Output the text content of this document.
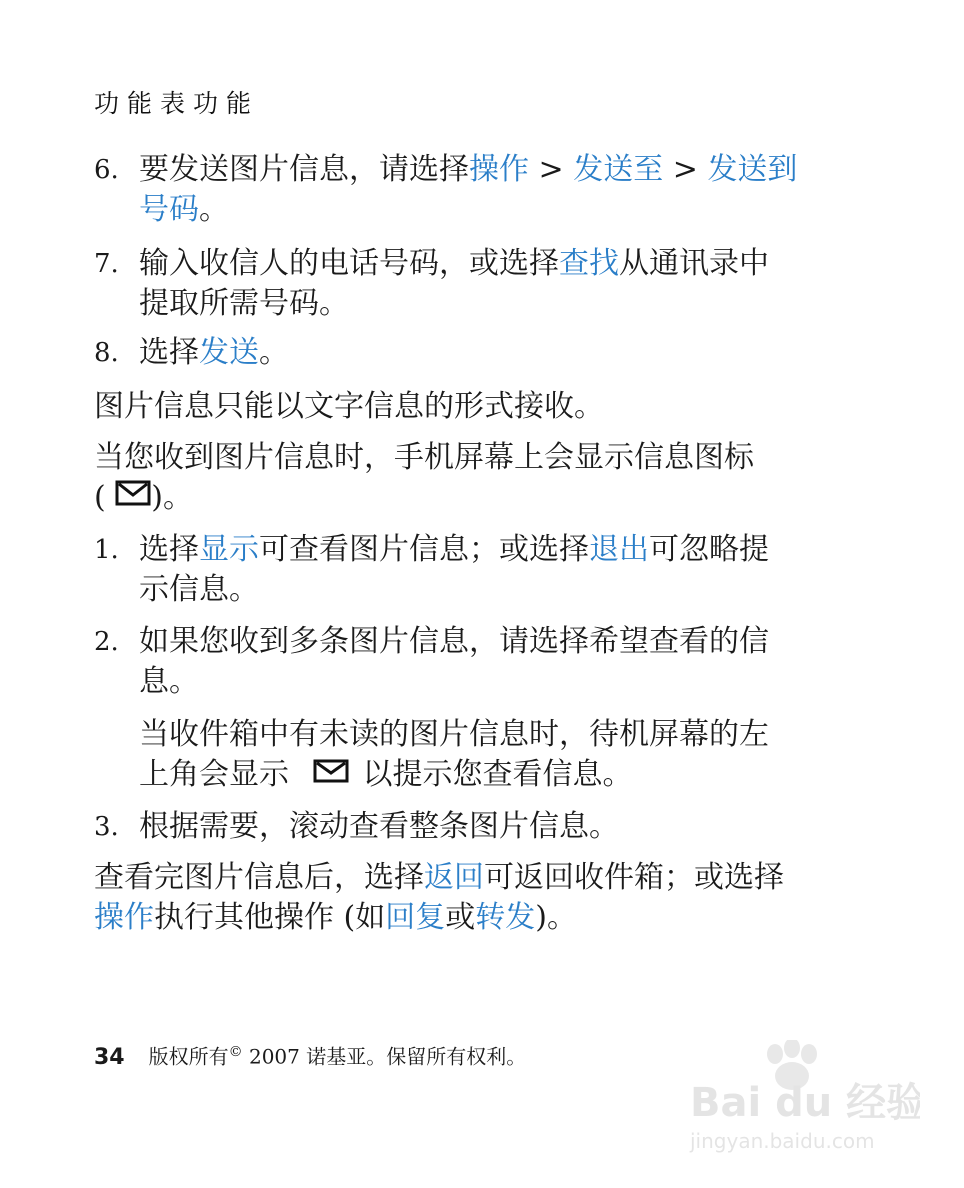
功能表功能
6. 要发送图片信息，请选择操作 > 发送至 > 发送到
号码。
7. 输入收信人的电话号码，或选择查找从通讯录中
提取所需号码。
8. 选择发送。
图片信息只能以文字信息的形式接收。
当您收到图片信息时，手机屏幕上会显示信息图标
( )。
1. 选择显示可查看图片信息；或选择退出可忽略提
示信息。
2. 如果您收到多条图片信息，请选择希望查看的信
息。
当收件箱中有未读的图片信息时，待机屏幕的左
上角会显示 以提示您查看信息。
3. 根据需要，滚动查看整条图片信息。
查看完图片信息后，选择返回可返回收件箱；或选择
操作执行其他操作 (如回复或转发)。
34 版权所有© 2007 诺基亚。保留所有权利。
Bai du 经验
jingyan.baidu.com
